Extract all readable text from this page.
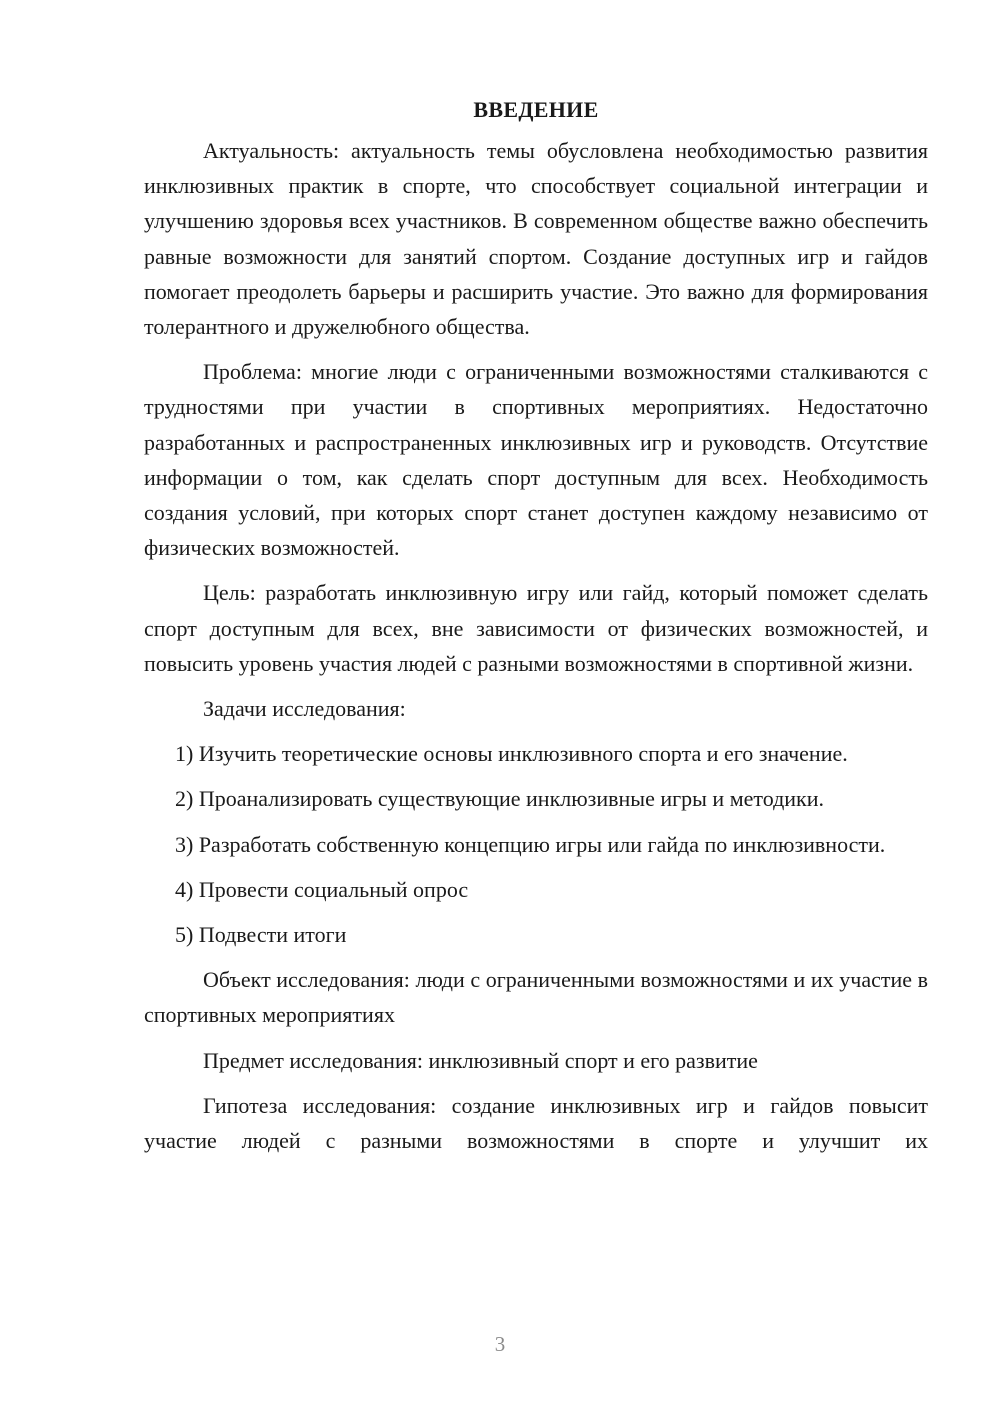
ВВЕДЕНИЕ

Актуальность: актуальность темы обусловлена необходимостью развития инклюзивных практик в спорте, что способствует социальной интеграции и улучшению здоровья всех участников. В современном обществе важно обеспечить равные возможности для занятий спортом. Создание доступных игр и гайдов помогает преодолеть барьеры и расширить участие. Это важно для формирования толерантного и дружелюбного общества.

Проблема: многие люди с ограниченными возможностями сталкиваются с трудностями при участии в спортивных мероприятиях. Недостаточно разработанных и распространенных инклюзивных игр и руководств. Отсутствие информации о том, как сделать спорт доступным для всех. Необходимость создания условий, при которых спорт станет доступен каждому независимо от физических возможностей.

Цель: разработать инклюзивную игру или гайд, который поможет сделать спорт доступным для всех, вне зависимости от физических возможностей, и повысить уровень участия людей с разными возможностями в спортивной жизни.

Задачи исследования:

1) Изучить теоретические основы инклюзивного спорта и его значение.

2) Проанализировать существующие инклюзивные игры и методики.

3) Разработать собственную концепцию игры или гайда по инклюзивности.

4) Провести социальный опрос

5) Подвести итоги

Объект исследования: люди с ограниченными возможностями и их участие в спортивных мероприятиях

Предмет исследования: инклюзивный спорт и его развитие

Гипотеза исследования: создание инклюзивных игр и гайдов повысит участие людей с разными возможностями в спорте и улучшит их

3
